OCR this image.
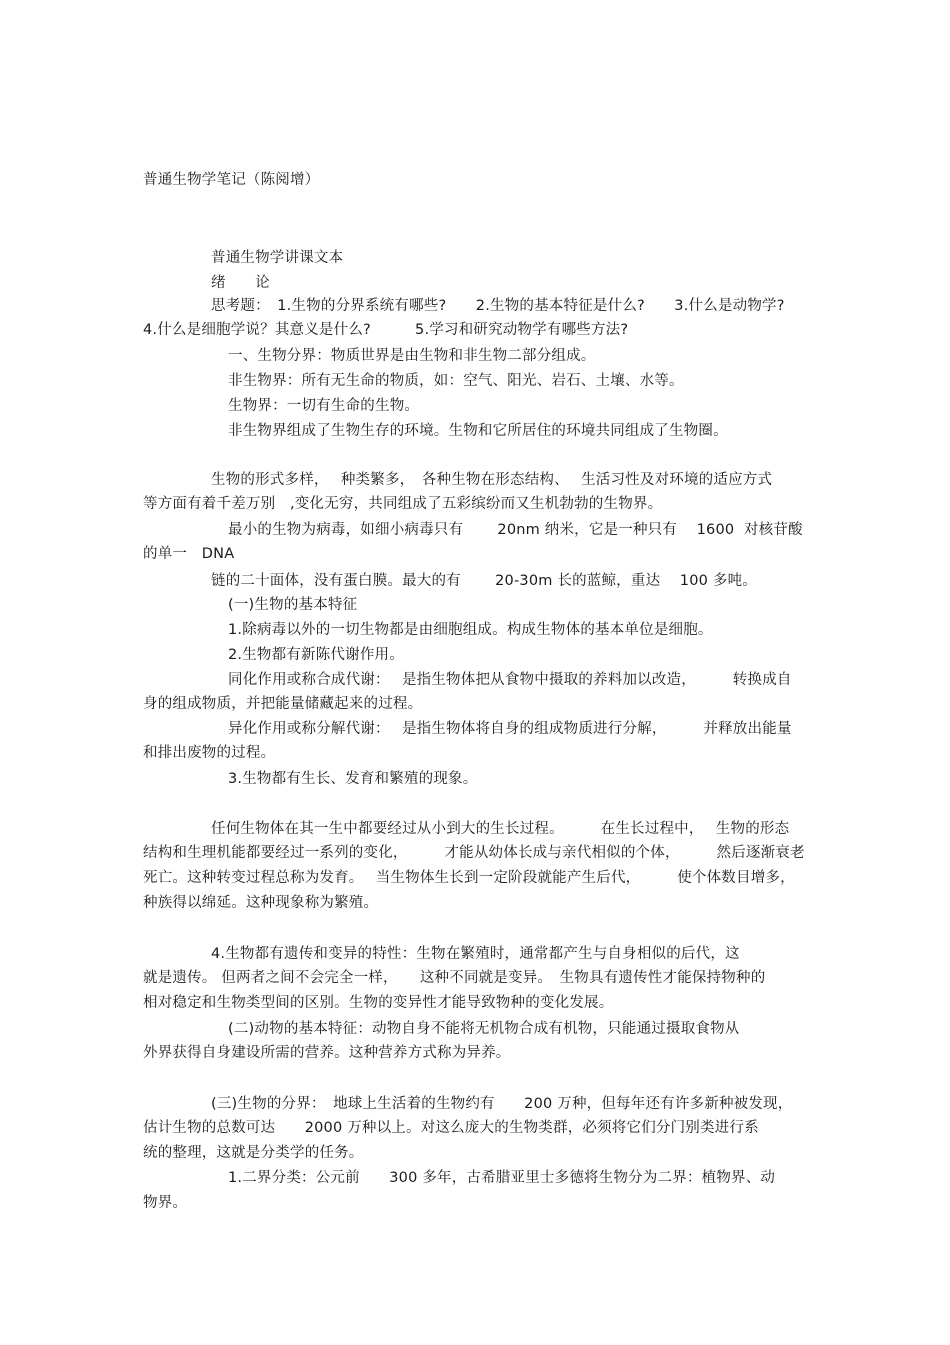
普通生物学笔记（陈阅增）
普通生物学讲课文本
绪　　论
思考题：　1.生物的分界系统有哪些?　　2.生物的基本特征是什么?　　3.什么是动物学?
4.什么是细胞学说？其意义是什么?　　　5.学习和研究动物学有哪些方法?
一、生物分界：物质世界是由生物和非生物二部分组成。
非生物界：所有无生命的物质，如：空气、阳光、岩石、土壤、水等。
生物界：一切有生命的生物。
非生物界组成了生物生存的环境。生物和它所居住的环境共同组成了生物圈。
生物的形式多样，　 种类繁多，　各种生物在形态结构、　 生活习性及对环境的适应方式
等方面有着千差万别　,变化无穷，共同组成了五彩缤纷而又生机勃勃的生物界。
最小的生物为病毒，如细小病毒只有　　 20nm 纳米，它是一种只有　 1600  对核苷酸
的单一　DNA
链的二十面体，没有蛋白膜。最大的有　　 20-30m 长的蓝鲸，重达　 100 多吨。
(一)生物的基本特征
1.除病毒以外的一切生物都是由细胞组成。构成生物体的基本单位是细胞。
2.生物都有新陈代谢作用。
同化作用或称合成代谢：　 是指生物体把从食物中摄取的养料加以改造，　　　转换成自
身的组成物质，并把能量储藏起来的过程。
异化作用或称分解代谢：　 是指生物体将自身的组成物质进行分解，　　　并释放出能量
和排出废物的过程。
3.生物都有生长、发育和繁殖的现象。
任何生物体在其一生中都要经过从小到大的生长过程。　　　在生长过程中，　 生物的形态
结构和生理机能都要经过一系列的变化，　　　才能从幼体长成与亲代相似的个体，　　　然后逐渐衰老
死亡。这种转变过程总称为发育。　 当生物体生长到一定阶段就能产生后代，　　　使个体数目增多，
种族得以绵延。这种现象称为繁殖。
4.生物都有遗传和变异的特性：生物在繁殖时，通常都产生与自身相似的后代，这
就是遗传。 但两者之间不会完全一样，　　这种不同就是变异。　生物具有遗传性才能保持物种的
相对稳定和生物类型间的区别。生物的变异性才能导致物种的变化发展。
(二)动物的基本特征：动物自身不能将无机物合成有机物，只能通过摄取食物从
外界获得自身建设所需的营养。这种营养方式称为异养。
(三)生物的分界：　地球上生活着的生物约有　　200 万种，但每年还有许多新种被发现，
估计生物的总数可达　　2000 万种以上。对这么庞大的生物类群，必须将它们分门别类进行系
统的整理，这就是分类学的任务。
1.二界分类：公元前　　300 多年，古希腊亚里士多德将生物分为二界：植物界、动
物界。
